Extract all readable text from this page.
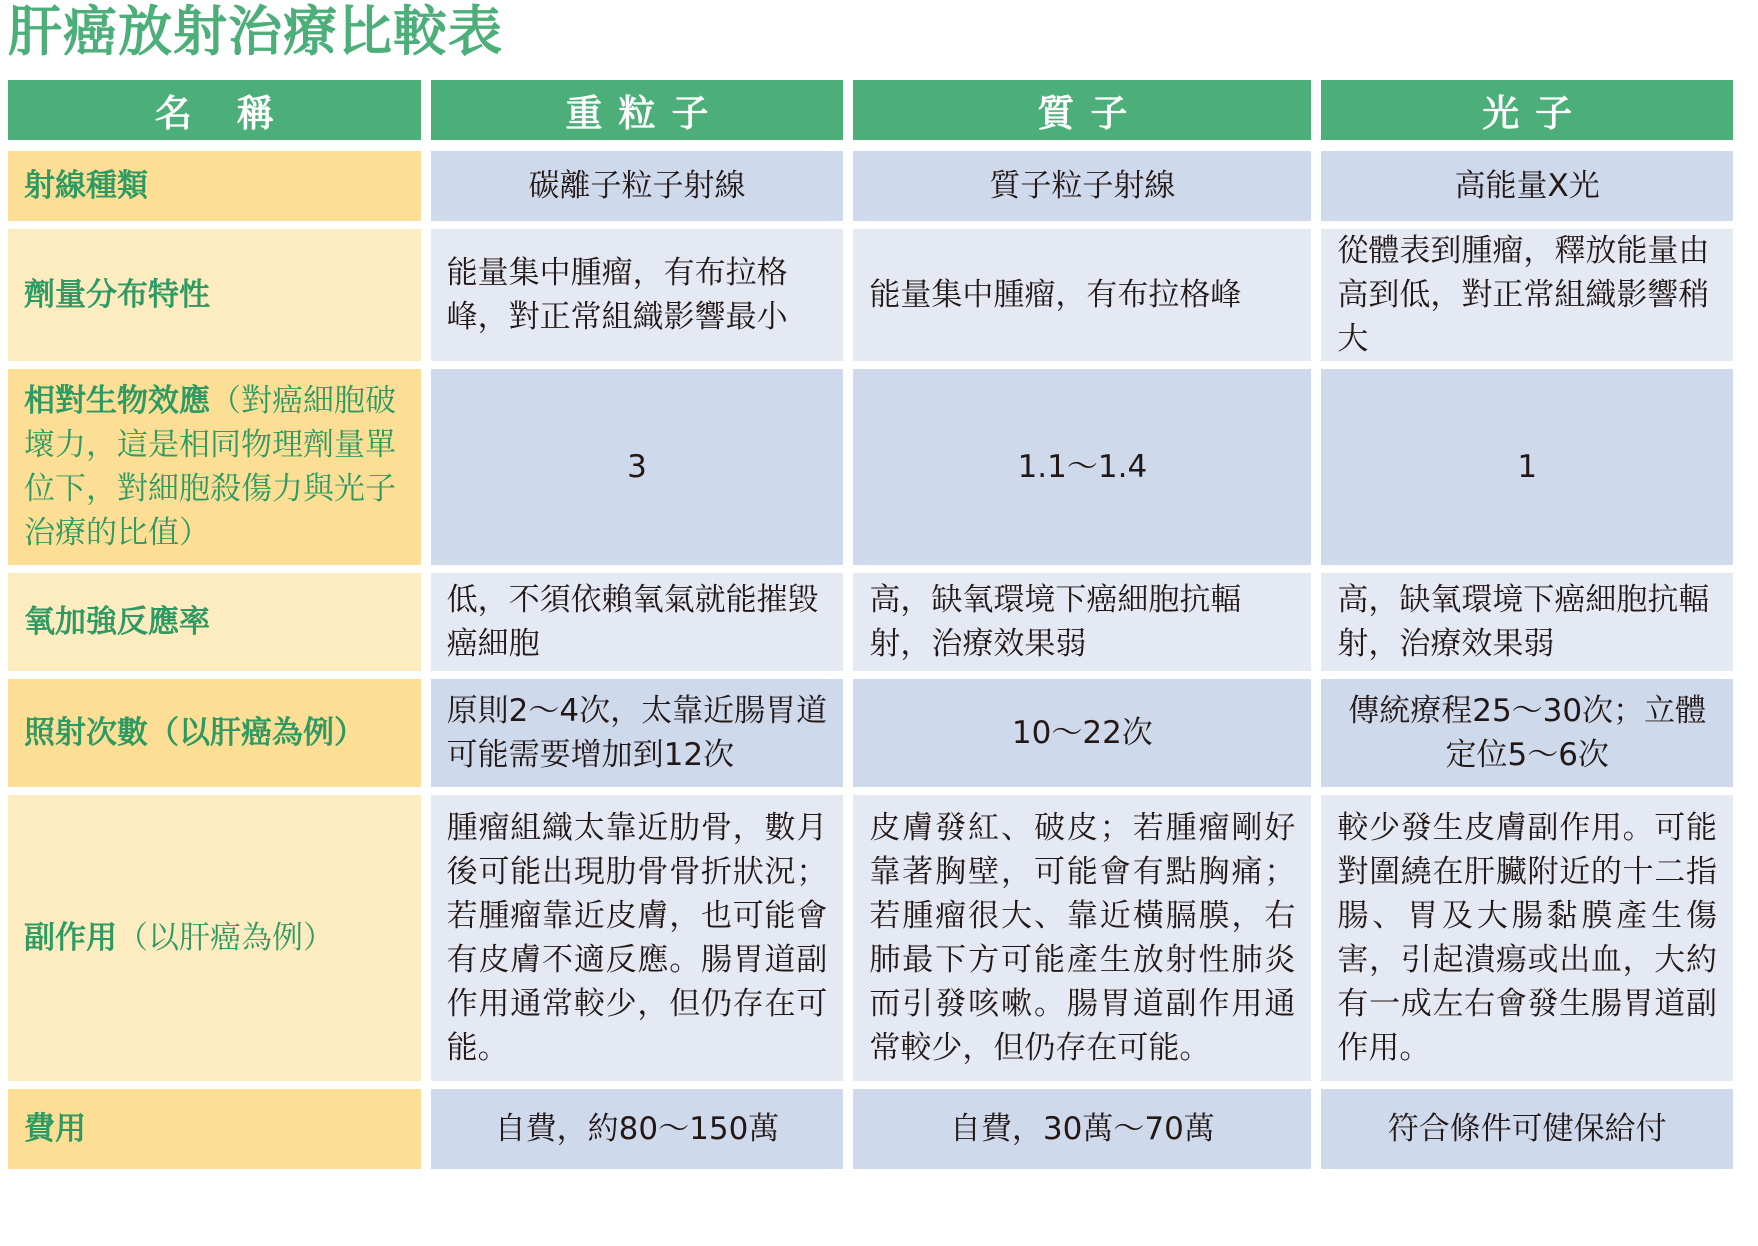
肝癌放射治療比較表
名 稱	重粒子	質子	光子
射線種類	碳離子粒子射線	質子粒子射線	高能量X光
劑量分布特性	能量集中腫瘤，有布拉格峰，對正常組織影響最小	能量集中腫瘤，有布拉格峰	從體表到腫瘤，釋放能量由高到低，對正常組織影響稍大
相對生物效應（對癌細胞破壞力，這是相同物理劑量單位下，對細胞殺傷力與光子治療的比值）	3	1.1～1.4	1
氧加強反應率	低，不須依賴氧氣就能摧毀癌細胞	高，缺氧環境下癌細胞抗輻射，治療效果弱	高，缺氧環境下癌細胞抗輻射，治療效果弱
照射次數（以肝癌為例）	原則2～4次，太靠近腸胃道可能需要增加到12次	10～22次	傳統療程25～30次；立體定位5～6次
副作用（以肝癌為例）	腫瘤組織太靠近肋骨，數月後可能出現肋骨骨折狀況；若腫瘤靠近皮膚，也可能會有皮膚不適反應。腸胃道副作用通常較少，但仍存在可能。	皮膚發紅、破皮；若腫瘤剛好靠著胸壁，可能會有點胸痛；若腫瘤很大、靠近橫膈膜，右肺最下方可能產生放射性肺炎而引發咳嗽。腸胃道副作用通常較少，但仍存在可能。	較少發生皮膚副作用。可能對圍繞在肝臟附近的十二指腸、胃及大腸黏膜產生傷害，引起潰瘍或出血，大約有一成左右會發生腸胃道副作用。
費用	自費，約80～150萬	自費，30萬～70萬	符合條件可健保給付
